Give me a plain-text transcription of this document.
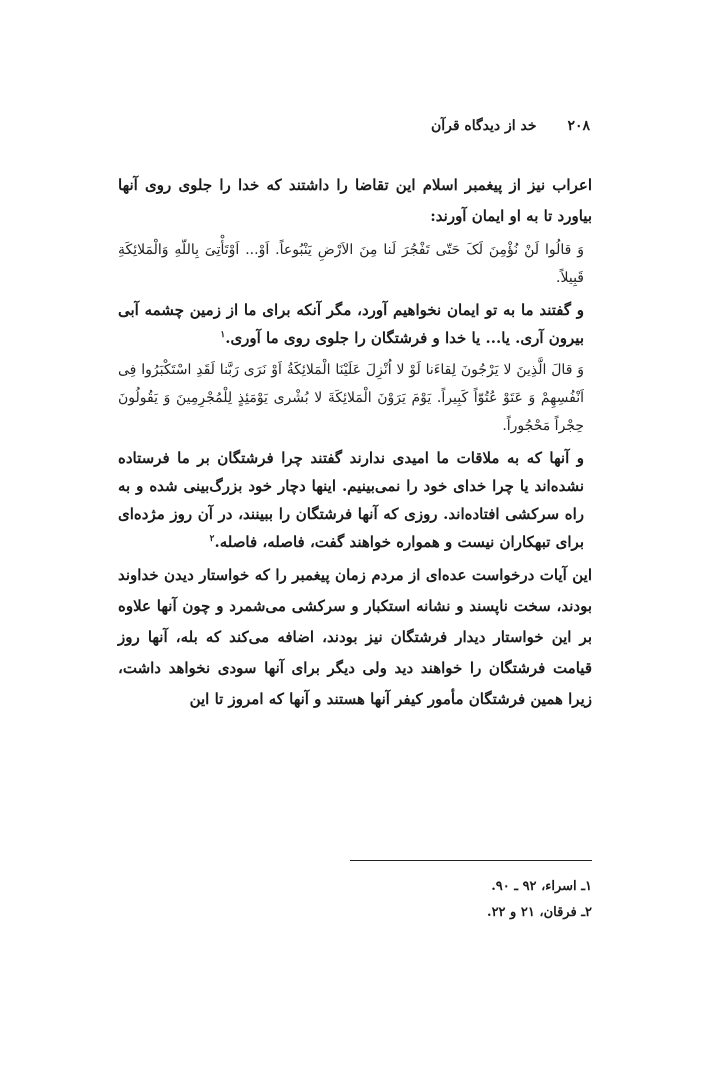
۲۰۸ خد از دیدگاه قرآن

اعراب نیز از پیغمبر اسلام این تقاضا را داشتند که خدا را جلوی روی آنها بیاورد تا به او ایمان آورند:

وَ قالُوا لَنْ نُؤْمِنَ لَکَ حَتّی تَفْجُرَ لَنا مِنَ الاَرْضِ یَنْبُوعاً. اَوْ... اَوْتَأْتِیَ بِاللّهِ وَالْمَلائِکَةِ قَبِیلاً.

و گفتند ما به تو ایمان نخواهیم آورد، مگر آنکه برای ما از زمین چشمه آبی بیرون آری. یا... یا خدا و فرشتگان را جلوی روی ما آوری.$^۱$

وَ قالَ الَّذِینَ لا یَرْجُونَ لِقاءَنا لَوْ لا اُنْزِلَ عَلَیْنَا الْمَلائِکَةُ اَوْ نَرَی رَبَّنا لَقَدِ اسْتَکْبَرُوا فِی اَنْفُسِهِمْ وَ عَتَوْ عُتُوّاً کَبِیراً. یَوْمَ یَرَوْنَ الْمَلائِکَةَ لا بُشْری یَوْمَئِذٍ لِلْمُجْرِمِینَ وَ یَقُولُونَ حِجْراً مَحْجُوراً.

و آنها که به ملاقات ما امیدی ندارند گفتند چرا فرشتگان بر ما فرستاده نشده‌اند یا چرا خدای خود را نمی‌بینیم. اینها دچار خود بزرگ‌بینی شده و به راه سرکشی افتاده‌اند. روزی که آنها فرشتگان را ببینند، در آن روز مژده‌ای برای تبهکاران نیست و همواره خواهند گفت، فاصله، فاصله.$^۲$

این آیات درخواست عده‌ای از مردم زمان پیغمبر را که خواستار دیدن خداوند بودند، سخت ناپسند و نشانه استکبار و سرکشی می‌شمرد و چون آنها علاوه بر این خواستار دیدار فرشتگان نیز بودند، اضافه می‌کند که بله، آنها روز قیامت فرشتگان را خواهند دید ولی دیگر برای آنها سودی نخواهد داشت، زیرا همین فرشتگان مأمور کیفر آنها هستند و آنها که امروز تا این

۱ـ اسراء، ۹۲ ـ ۹۰.
۲ـ فرقان، ۲۱ و ۲۲.
